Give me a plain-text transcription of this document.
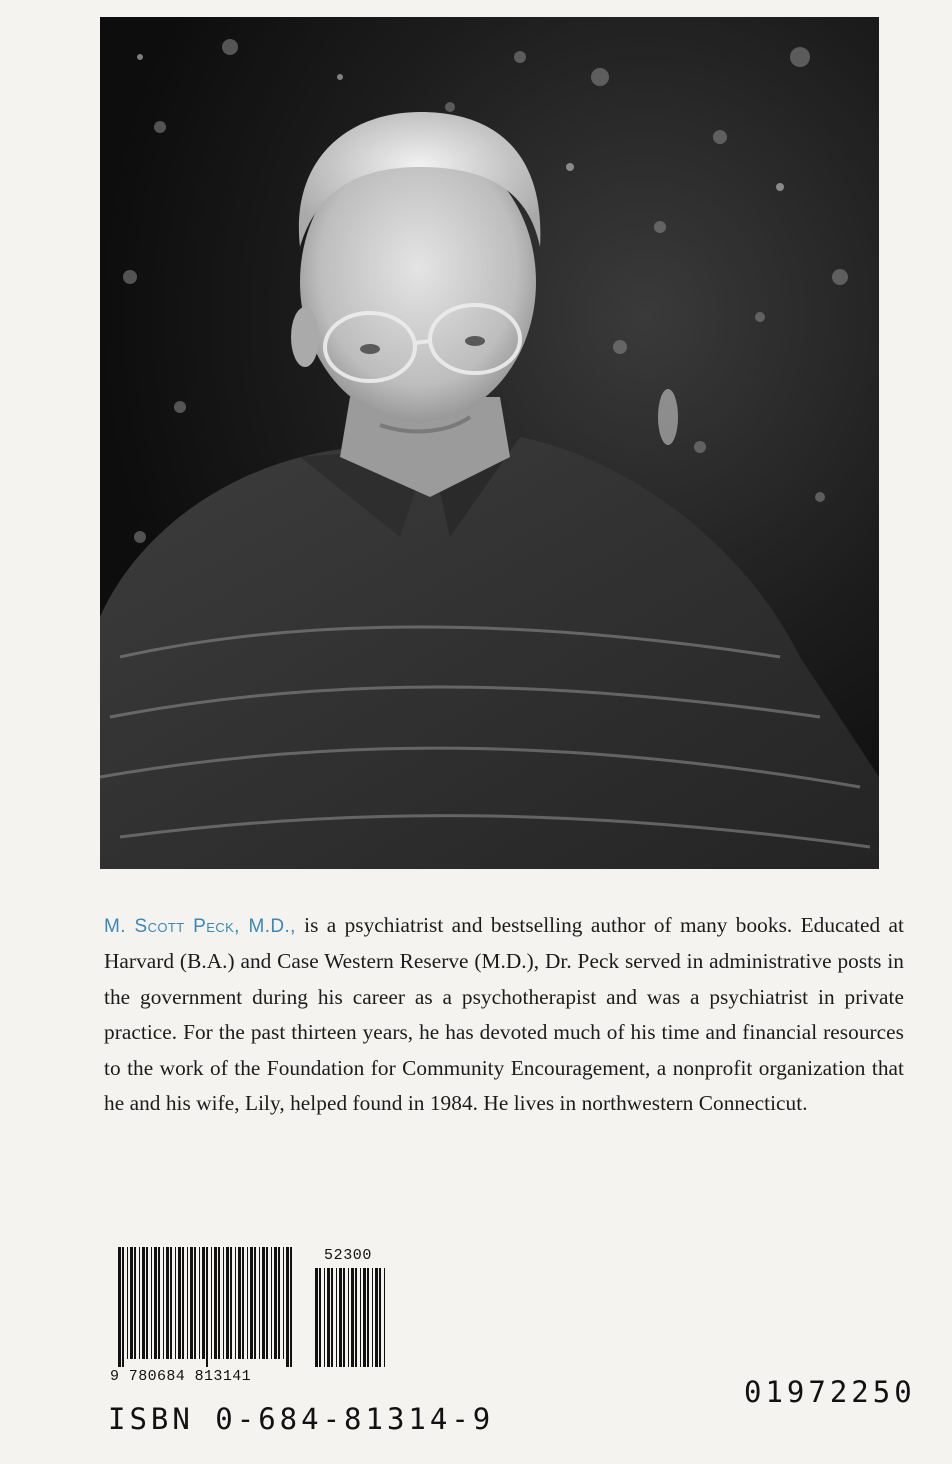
M. Scott Peck, M.D., is a psychiatrist and bestselling author of many books. Educated at Harvard (B.A.) and Case Western Reserve (M.D.), Dr. Peck served in administrative posts in the government during his career as a psychotherapist and was a psychiatrist in private practice. For the past thirteen years, he has devoted much of his time and financial resources to the work of the Foundation for Community Encouragement, a nonprofit organization that he and his wife, Lily, helped found in 1984. He lives in northwestern Connecticut.

9 780684 813141
52300
ISBN 0-684-81314-9
01972250
